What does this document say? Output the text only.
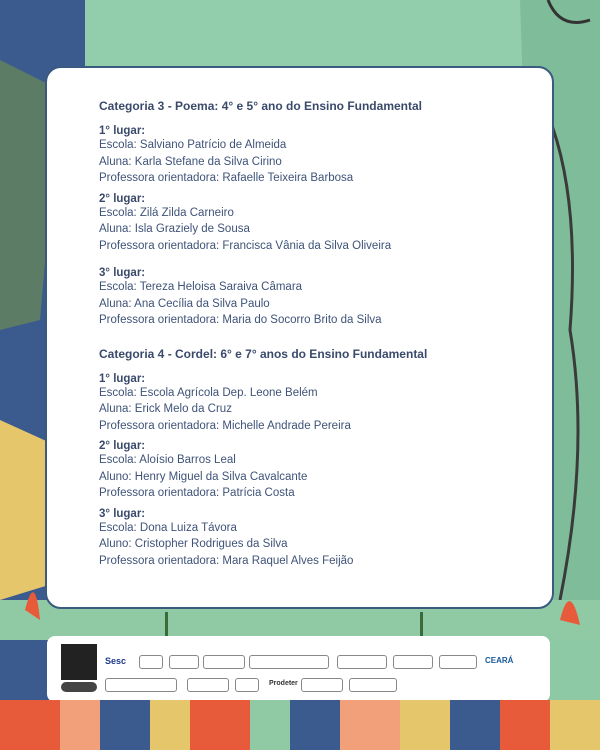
Categoria 3 - Poema: 4° e 5° ano do Ensino Fundamental

1° lugar:

Escola: Salviano Patrício de Almeida

Aluna: Karla Stefane da Silva Cirino

Professora orientadora: Rafaelle Teixeira Barbosa

2° lugar:

Escola: Zilá Zilda Carneiro

Aluna: Isla Graziely de Sousa

Professora orientadora: Francisca Vânia da Silva Oliveira

3° lugar:

Escola: Tereza Heloisa Saraiva Câmara

Aluna: Ana Cecília da Silva Paulo

Professora orientadora: Maria do Socorro Brito da Silva

Categoria 4 - Cordel: 6° e 7° anos do Ensino Fundamental

1° lugar:

Escola: Escola Agrícola Dep. Leone Belém

Aluna: Erick Melo da Cruz

Professora orientadora: Michelle Andrade Pereira

2° lugar:

Escola: Aloísio Barros Leal

Aluno: Henry Miguel da Silva Cavalcante

Professora orientadora: Patrícia Costa

3° lugar:

Escola: Dona Luiza Távora

Aluno: Cristopher Rodrigues da Silva

Professora orientadora: Mara Raquel Alves Feijão

Sesc	CEARÁ
Prodeter
